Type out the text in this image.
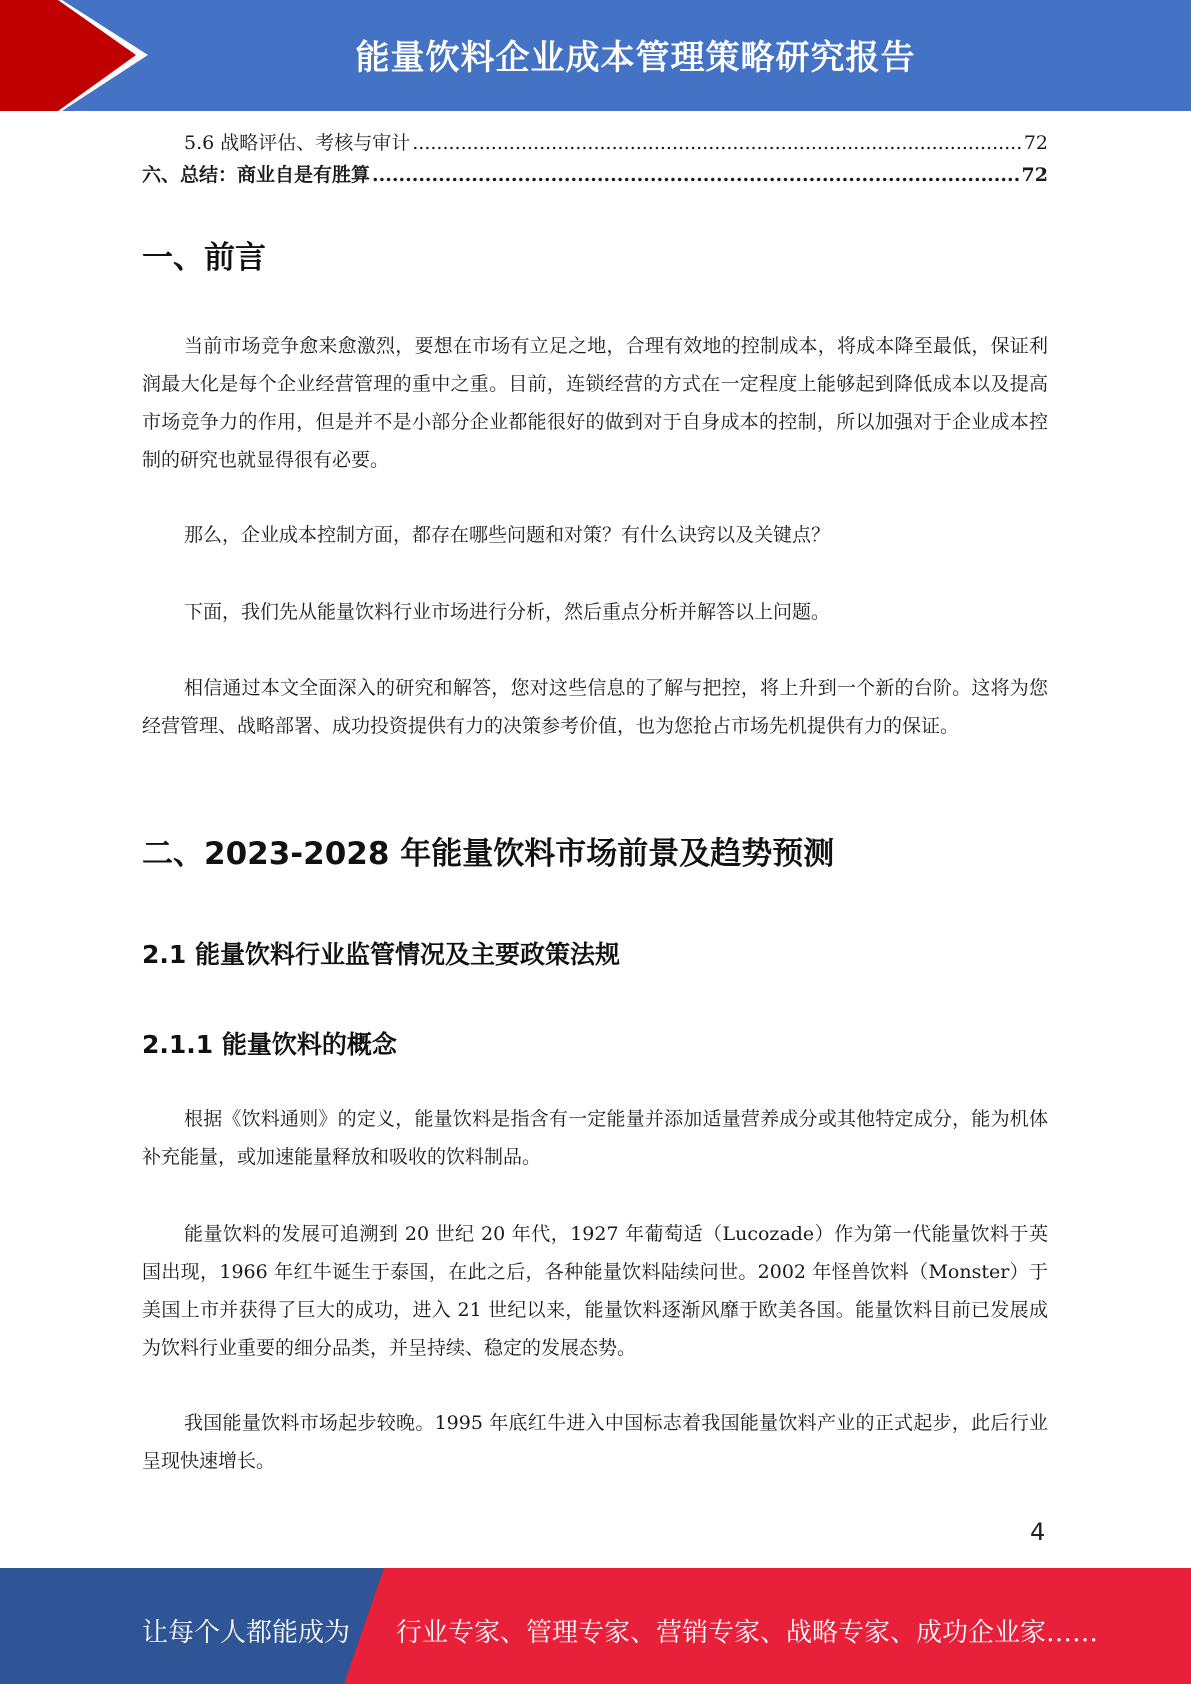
能量饮料企业成本管理策略研究报告
5.6 战略评估、考核与审计 .....	72
六、总结：商业自是有胜算 .....	72
一、前言

当前市场竞争愈来愈激烈，要想在市场有立足之地，合理有效地的控制成本，将成本降至最低，保证利润最大化是每个企业经营管理的重中之重。目前，连锁经营的方式在一定程度上能够起到降低成本以及提高市场竞争力的作用，但是并不是小部分企业都能很好的做到对于自身成本的控制，所以加强对于企业成本控制的研究也就显得很有必要。

那么，企业成本控制方面，都存在哪些问题和对策？有什么诀窍以及关键点？

下面，我们先从能量饮料行业市场进行分析，然后重点分析并解答以上问题。

相信通过本文全面深入的研究和解答，您对这些信息的了解与把控，将上升到一个新的台阶。这将为您经营管理、战略部署、成功投资提供有力的决策参考价值，也为您抢占市场先机提供有力的保证。

二、2023-2028 年能量饮料市场前景及趋势预测
2.1 能量饮料行业监管情况及主要政策法规
2.1.1 能量饮料的概念

根据《饮料通则》的定义，能量饮料是指含有一定能量并添加适量营养成分或其他特定成分，能为机体补充能量，或加速能量释放和吸收的饮料制品。

能量饮料的发展可追溯到 20 世纪 20 年代，1927 年葡萄适（Lucozade）作为第一代能量饮料于英国出现，1966 年红牛诞生于泰国，在此之后，各种能量饮料陆续问世。2002 年怪兽饮料（Monster）于美国上市并获得了巨大的成功，进入 21 世纪以来，能量饮料逐渐风靡于欧美各国。能量饮料目前已发展成为饮料行业重要的细分品类，并呈持续、稳定的发展态势。

我国能量饮料市场起步较晚。1995 年底红牛进入中国标志着我国能量饮料产业的正式起步，此后行业呈现快速增长。

4
让每个人都能成为 行业专家、管理专家、营销专家、战略专家、成功企业家……
